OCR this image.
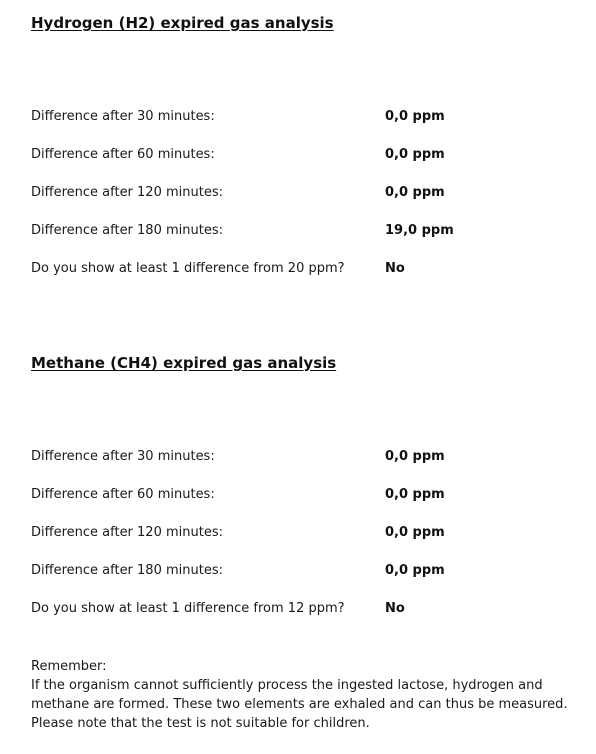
Hydrogen (H2) expired gas analysis
Difference after 30 minutes:	0,0 ppm
Difference after 60 minutes:	0,0 ppm
Difference after 120 minutes:	0,0 ppm
Difference after 180 minutes:	19,0 ppm
Do you show at least 1 difference from 20 ppm?	No
Methane (CH4) expired gas analysis
Difference after 30 minutes:	0,0 ppm
Difference after 60 minutes:	0,0 ppm
Difference after 120 minutes:	0,0 ppm
Difference after 180 minutes:	0,0 ppm
Do you show at least 1 difference from 12 ppm?	No

Remember:

If the organism cannot sufficiently process the ingested lactose, hydrogen and

methane are formed. These two elements are exhaled and can thus be measured.

Please note that the test is not suitable for children.
